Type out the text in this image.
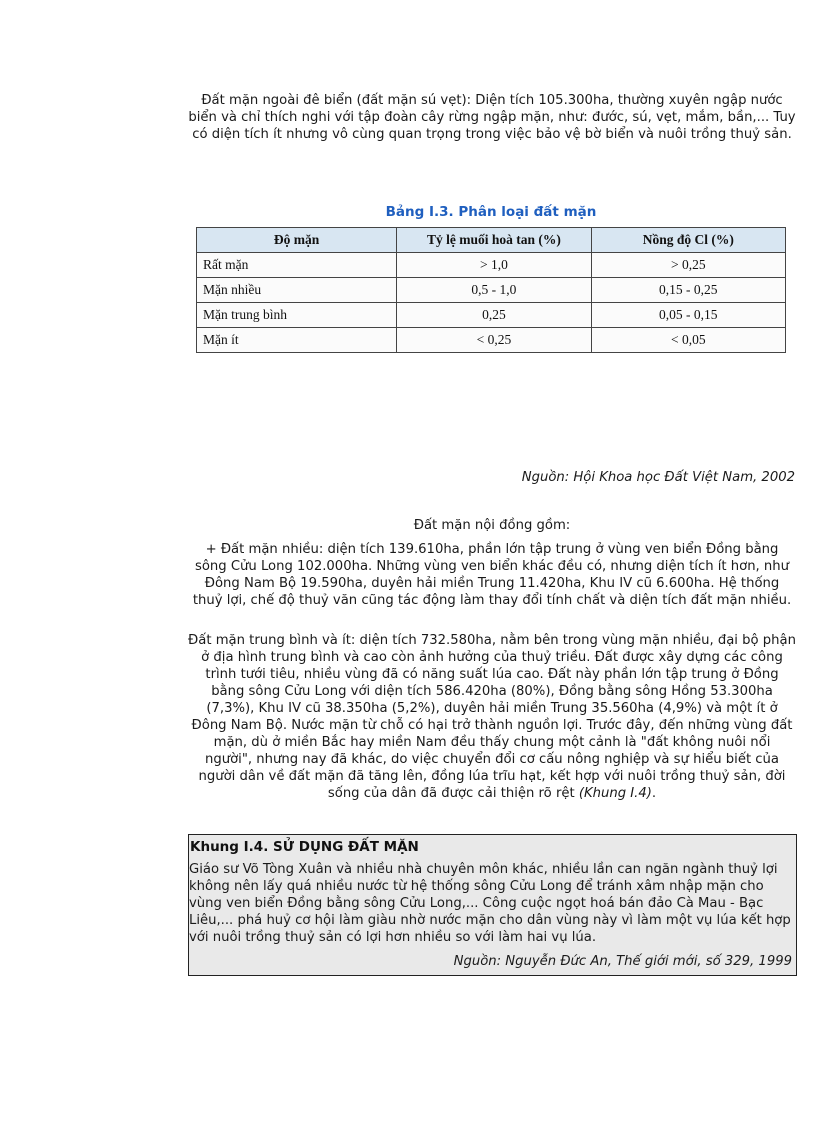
Đất mặn ngoài đê biển (đất mặn sú vẹt): Diện tích 105.300ha, thường xuyên ngập nước biển và chỉ thích nghi với tập đoàn cây rừng ngập mặn, như: đước, sú, vẹt, mắm, bần,... Tuy có diện tích ít nhưng vô cùng quan trọng trong việc bảo vệ bờ biển và nuôi trồng thuỷ sản.

Bảng I.3. Phân loại đất mặn
Độ mặn	Tỷ lệ muối hoà tan (%)	Nồng độ Cl (%)
Rất mặn	> 1,0	> 0,25
Mặn nhiều	0,5 - 1,0	0,15 - 0,25
Mặn trung bình	0,25	0,05 - 0,15
Mặn ít	< 0,25	< 0,05
Nguồn: Hội Khoa học Đất Việt Nam, 2002

Đất mặn nội đồng gồm:

+ Đất mặn nhiều: diện tích 139.610ha, phần lớn tập trung ở vùng ven biển Đồng bằng sông Cửu Long 102.000ha. Những vùng ven biển khác đều có, nhưng diện tích ít hơn, như Đông Nam Bộ 19.590ha, duyên hải miền Trung 11.420ha, Khu IV cũ 6.600ha. Hệ thống thuỷ lợi, chế độ thuỷ văn cũng tác động làm thay đổi tính chất và diện tích đất mặn nhiều.

Đất mặn trung bình và ít: diện tích 732.580ha, nằm bên trong vùng mặn nhiều, đại bộ phận ở địa hình trung bình và cao còn ảnh hưởng của thuỷ triều. Đất được xây dựng các công trình tưới tiêu, nhiều vùng đã có năng suất lúa cao. Đất này phần lớn tập trung ở Đồng bằng sông Cửu Long với diện tích 586.420ha (80%), Đồng bằng sông Hồng 53.300ha (7,3%), Khu IV cũ 38.350ha (5,2%), duyên hải miền Trung 35.560ha (4,9%) và một ít ở Đông Nam Bộ. Nước mặn từ chỗ có hại trở thành nguồn lợi. Trước đây, đến những vùng đất mặn, dù ở miền Bắc hay miền Nam đều thấy chung một cảnh là "đất không nuôi nổi người", nhưng nay đã khác, do việc chuyển đổi cơ cấu nông nghiệp và sự hiểu biết của người dân về đất mặn đã tăng lên, đồng lúa trĩu hạt, kết hợp với nuôi trồng thuỷ sản, đời sống của dân đã được cải thiện rõ rệt (Khung I.4).

Khung I.4. SỬ DỤNG ĐẤT MẶN
Giáo sư Võ Tòng Xuân và nhiều nhà chuyên môn khác, nhiều lần can ngăn ngành thuỷ lợi không nên lấy quá nhiều nước từ hệ thống sông Cửu Long để tránh xâm nhập mặn cho vùng ven biển Đồng bằng sông Cửu Long,... Công cuộc ngọt hoá bán đảo Cà Mau - Bạc Liêu,... phá huỷ cơ hội làm giàu nhờ nước mặn cho dân vùng này vì làm một vụ lúa kết hợp với nuôi trồng thuỷ sản có lợi hơn nhiều so với làm hai vụ lúa.
Nguồn: Nguyễn Đức An, Thế giới mới, số 329, 1999
